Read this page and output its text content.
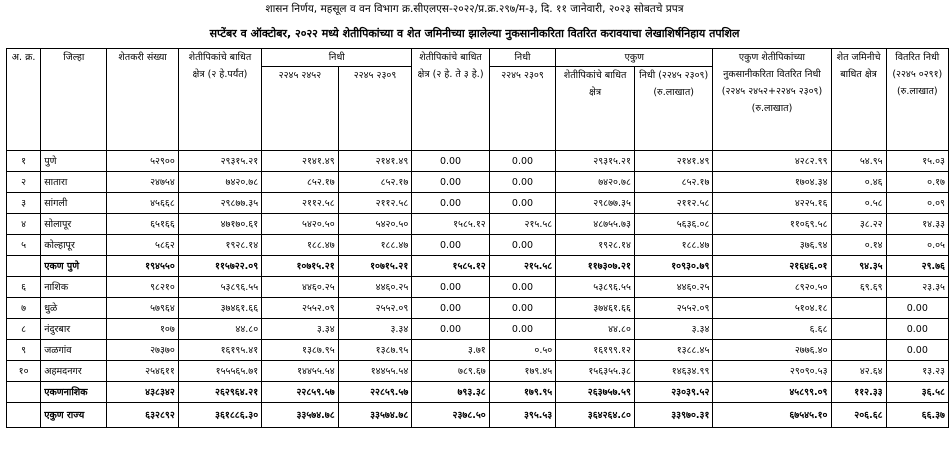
शासन निर्णय, महसूल व वन विभाग क्र.सीएलएस-२०२२/प्र.क्र.२९७/म-३, दि. ११ जानेवारी, २०२३ सोबतचे प्रपत्र
सप्टेंबर व ऑक्टोबर, २०२२ मध्ये शेतीपिकांच्या व शेत जमिनीच्या झालेल्या नुकसानीकरिता वितरित करावयाचा लेखाशिर्षनिहाय तपशिल
अ. क्र.	जिल्हा	शेतकरी संख्या	शेतीपिकांचे बाधित क्षेत्र (२ हे.पर्यंत)	निधी		शेतीपिकांचे बाधित क्षेत्र (२ हे. ते ३ हे.)	निधी	एकुण		एकुण शेतीपिकांच्या नुकसानीकरिता वितरित निधी (२२४५ २४५२+२२४५ २३०९) (रु.लाखात)	शेत जमिनीचे बाधित क्षेत्र	वितरित निधी (२२४५ ०२९१) (रु.लाखात)
				२२४५ २४५२	२२४५ २३०९		२२४५ २३०९	शेतीपिकांचे बाधित क्षेत्र	निधी (२२४५ २३०९) (रु.लाखात)			
१	पुणे	५२९००	२९३१५.२१	२१४१.४९	२१४१.४९	0.00	0.00	२९३१५.२१	२१४१.४९	४२८२.९९	५४.९५	१५.०३
२	सातारा	२४७५४	७४२०.७८	८५२.१७	८५२.१७	0.00	0.00	७४२०.७८	८५२.१७	१७०४.३४	०.४६	०.१७
३	सांगली	४५६६८	२९८७७.३५	२११२.५८	२११२.५८	0.00	0.00	२९८७७.३५	२११२.५८	४२२५.१६	०.५८	०.०९
४	सोलापूर	६५१६६	४७१७०.६१	५४२०.५०	५४२०.५०	१५८५.१२	२१५.५८	४८७५५.७३	५६३६.०८	११०६९.५८	३८.२२	१४.३३
५	कोल्हापूर	५८६२	१९२८.१४	१८८.४७	१८८.४७	0.00	0.00	१९२८.१४	१८८.४७	३७६.९४	०.१४	०.०५
	एकण पुणे	१९४५५०	११५७२२.०९	१०७१५.२१	१०७१५.२१	१५८५.१२	२१५.५८	११७३०७.२१	१०९३०.७९	२१६४६.०१	९४.३५	२९.७६
६	नाशिक	९८२१०	५३८९६.५५	४४६०.२५	४४६०.२५	0.00	0.00	५३८९६.५५	४४६०.२५	८९२०.५०	६९.६९	२३.३५
७	धुळे	५७९६४	३७४६१.६६	२५५२.०९	२५५२.०९	0.00	0.00	३७४६१.६६	२५५२.०९	५१०४.१८		0.00
८	नंदुरबार	१०७	४४.८०	३.३४	३.३४	0.00	0.00	४४.८०	३.३४	६.६८		0.00
९	जळगांव	२७३७०	१६१९५.४१	१३८७.९५	१३८७.९५	३.७१	०.५०	१६१९९.१२	१३८८.४५	२७७६.४०		0.00
१०	अहमदनगर	२५४६११	१५५५६५.७१	१४४५५.५४	१४४५५.५४	७८९.६७	१७९.४५	१५६३५५.३८	१४६३४.९९	२९०९०.५३	४२.६४	१३.२३
	एकणनाशिक	४३८३४२	२६२९६४.२१	२२८५९.५७	२२८५९.५७	७९३.३८	१७९.९५	२६३७५७.५९	२३०३९.५२	४५८९९.०९	११२.३३	३६.५८
	एकुण राज्य	६३२८९२	३६१८८६.३०	३३५७४.७८	३३५७४.७८	२३७८.५०	३९५.५३	३६४२६४.८०	३३९७०.३१	६७५४५.१०	२०६.६८	६६.३७
